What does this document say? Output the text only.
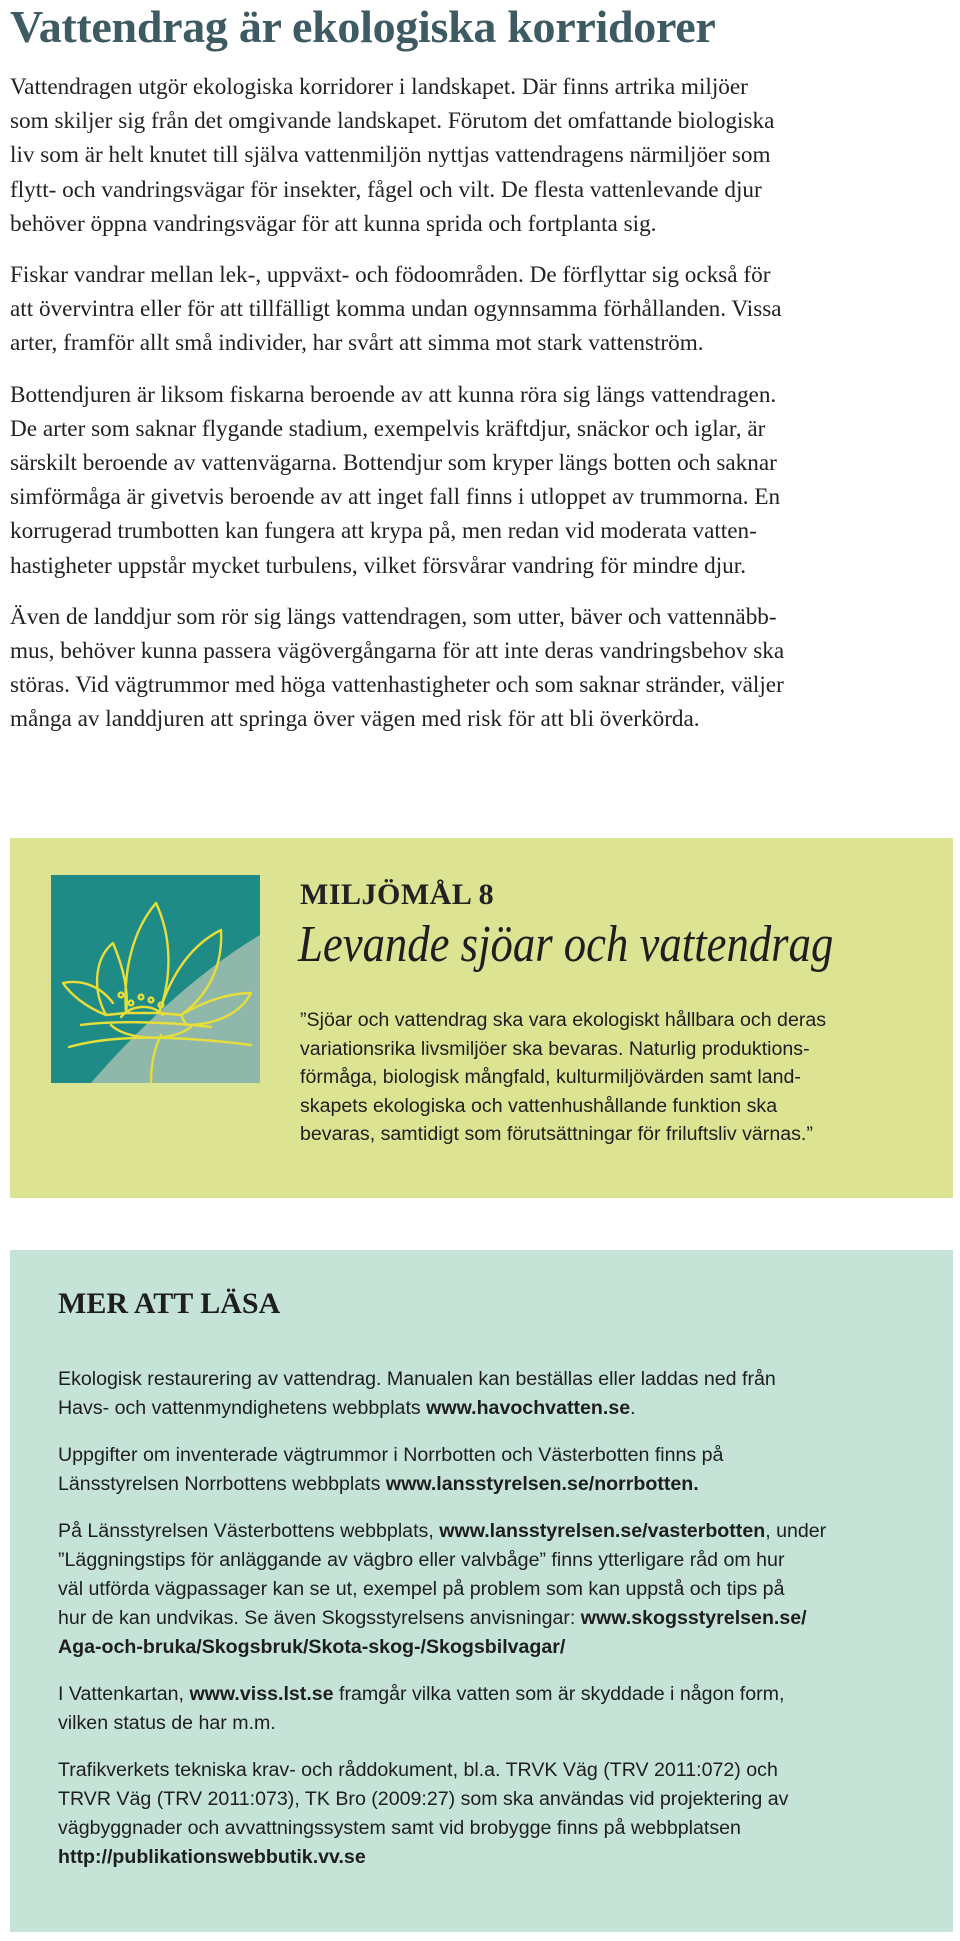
Vattendrag är ekologiska korridorer

Vattendragen utgör ekologiska korridorer i landskapet. Där finns artrika miljöer
som skiljer sig från det omgivande landskapet. Förutom det omfattande biologiska
liv som är helt knutet till själva vattenmiljön nyttjas vattendragens närmiljöer som
flytt- och vandringsvägar för insekter, fågel och vilt. De flesta vattenlevande djur
behöver öppna vandringsvägar för att kunna sprida och fortplanta sig.

Fiskar vandrar mellan lek-, uppväxt- och födoområden. De förflyttar sig också för
att övervintra eller för att tillfälligt komma undan ogynnsamma förhållanden. Vissa
arter, framför allt små individer, har svårt att simma mot stark vattenström.

Bottendjuren är liksom fiskarna beroende av att kunna röra sig längs vattendragen.
De arter som saknar flygande stadium, exempelvis kräftdjur, snäckor och iglar, är
särskilt beroende av vattenvägarna. Bottendjur som kryper längs botten och saknar
simförmåga är givetvis beroende av att inget fall finns i utloppet av trummorna. En
korrugerad trumbotten kan fungera att krypa på, men redan vid moderata vatten-
hastigheter uppstår mycket turbulens, vilket försvårar vandring för mindre djur.

Även de landdjur som rör sig längs vattendragen, som utter, bäver och vattennäbb-
mus, behöver kunna passera vägövergångarna för att inte deras vandringsbehov ska
störas. Vid vägtrummor med höga vattenhastigheter och som saknar stränder, väljer
många av landdjuren att springa över vägen med risk för att bli överkörda.

MILJÖMÅL 8
Levande sjöar och vattendrag
”Sjöar och vattendrag ska vara ekologiskt hållbara och deras
variationsrika livsmiljöer ska bevaras. Naturlig produktions-
förmåga, biologisk mångfald, kulturmiljövärden samt land-
skapets ekologiska och vattenhushållande funktion ska
bevaras, samtidigt som förutsättningar för friluftsliv värnas.”
MER ATT LÄSA

Ekologisk restaurering av vattendrag. Manualen kan beställas eller laddas ned från
Havs- och vattenmyndighetens webbplats www.havochvatten.se.

Uppgifter om inventerade vägtrummor i Norrbotten och Västerbotten finns på
Länsstyrelsen Norrbottens webbplats www.lansstyrelsen.se/norrbotten.

På Länsstyrelsen Västerbottens webbplats, www.lansstyrelsen.se/vasterbotten, under
”Läggningstips för anläggande av vägbro eller valvbåge” finns ytterligare råd om hur
väl utförda vägpassager kan se ut, exempel på problem som kan uppstå och tips på
hur de kan undvikas. Se även Skogsstyrelsens anvisningar: www.skogsstyrelsen.se/
Aga-och-bruka/Skogsbruk/Skota-skog-/Skogsbilvagar/

I Vattenkartan, www.viss.lst.se framgår vilka vatten som är skyddade i någon form,
vilken status de har m.m.

Trafikverkets tekniska krav- och råddokument, bl.a. TRVK Väg (TRV 2011:072) och
TRVR Väg (TRV 2011:073), TK Bro (2009:27) som ska användas vid projektering av
vägbyggnader och avvattningssystem samt vid brobygge finns på webbplatsen
http://publikationswebbutik.vv.se
